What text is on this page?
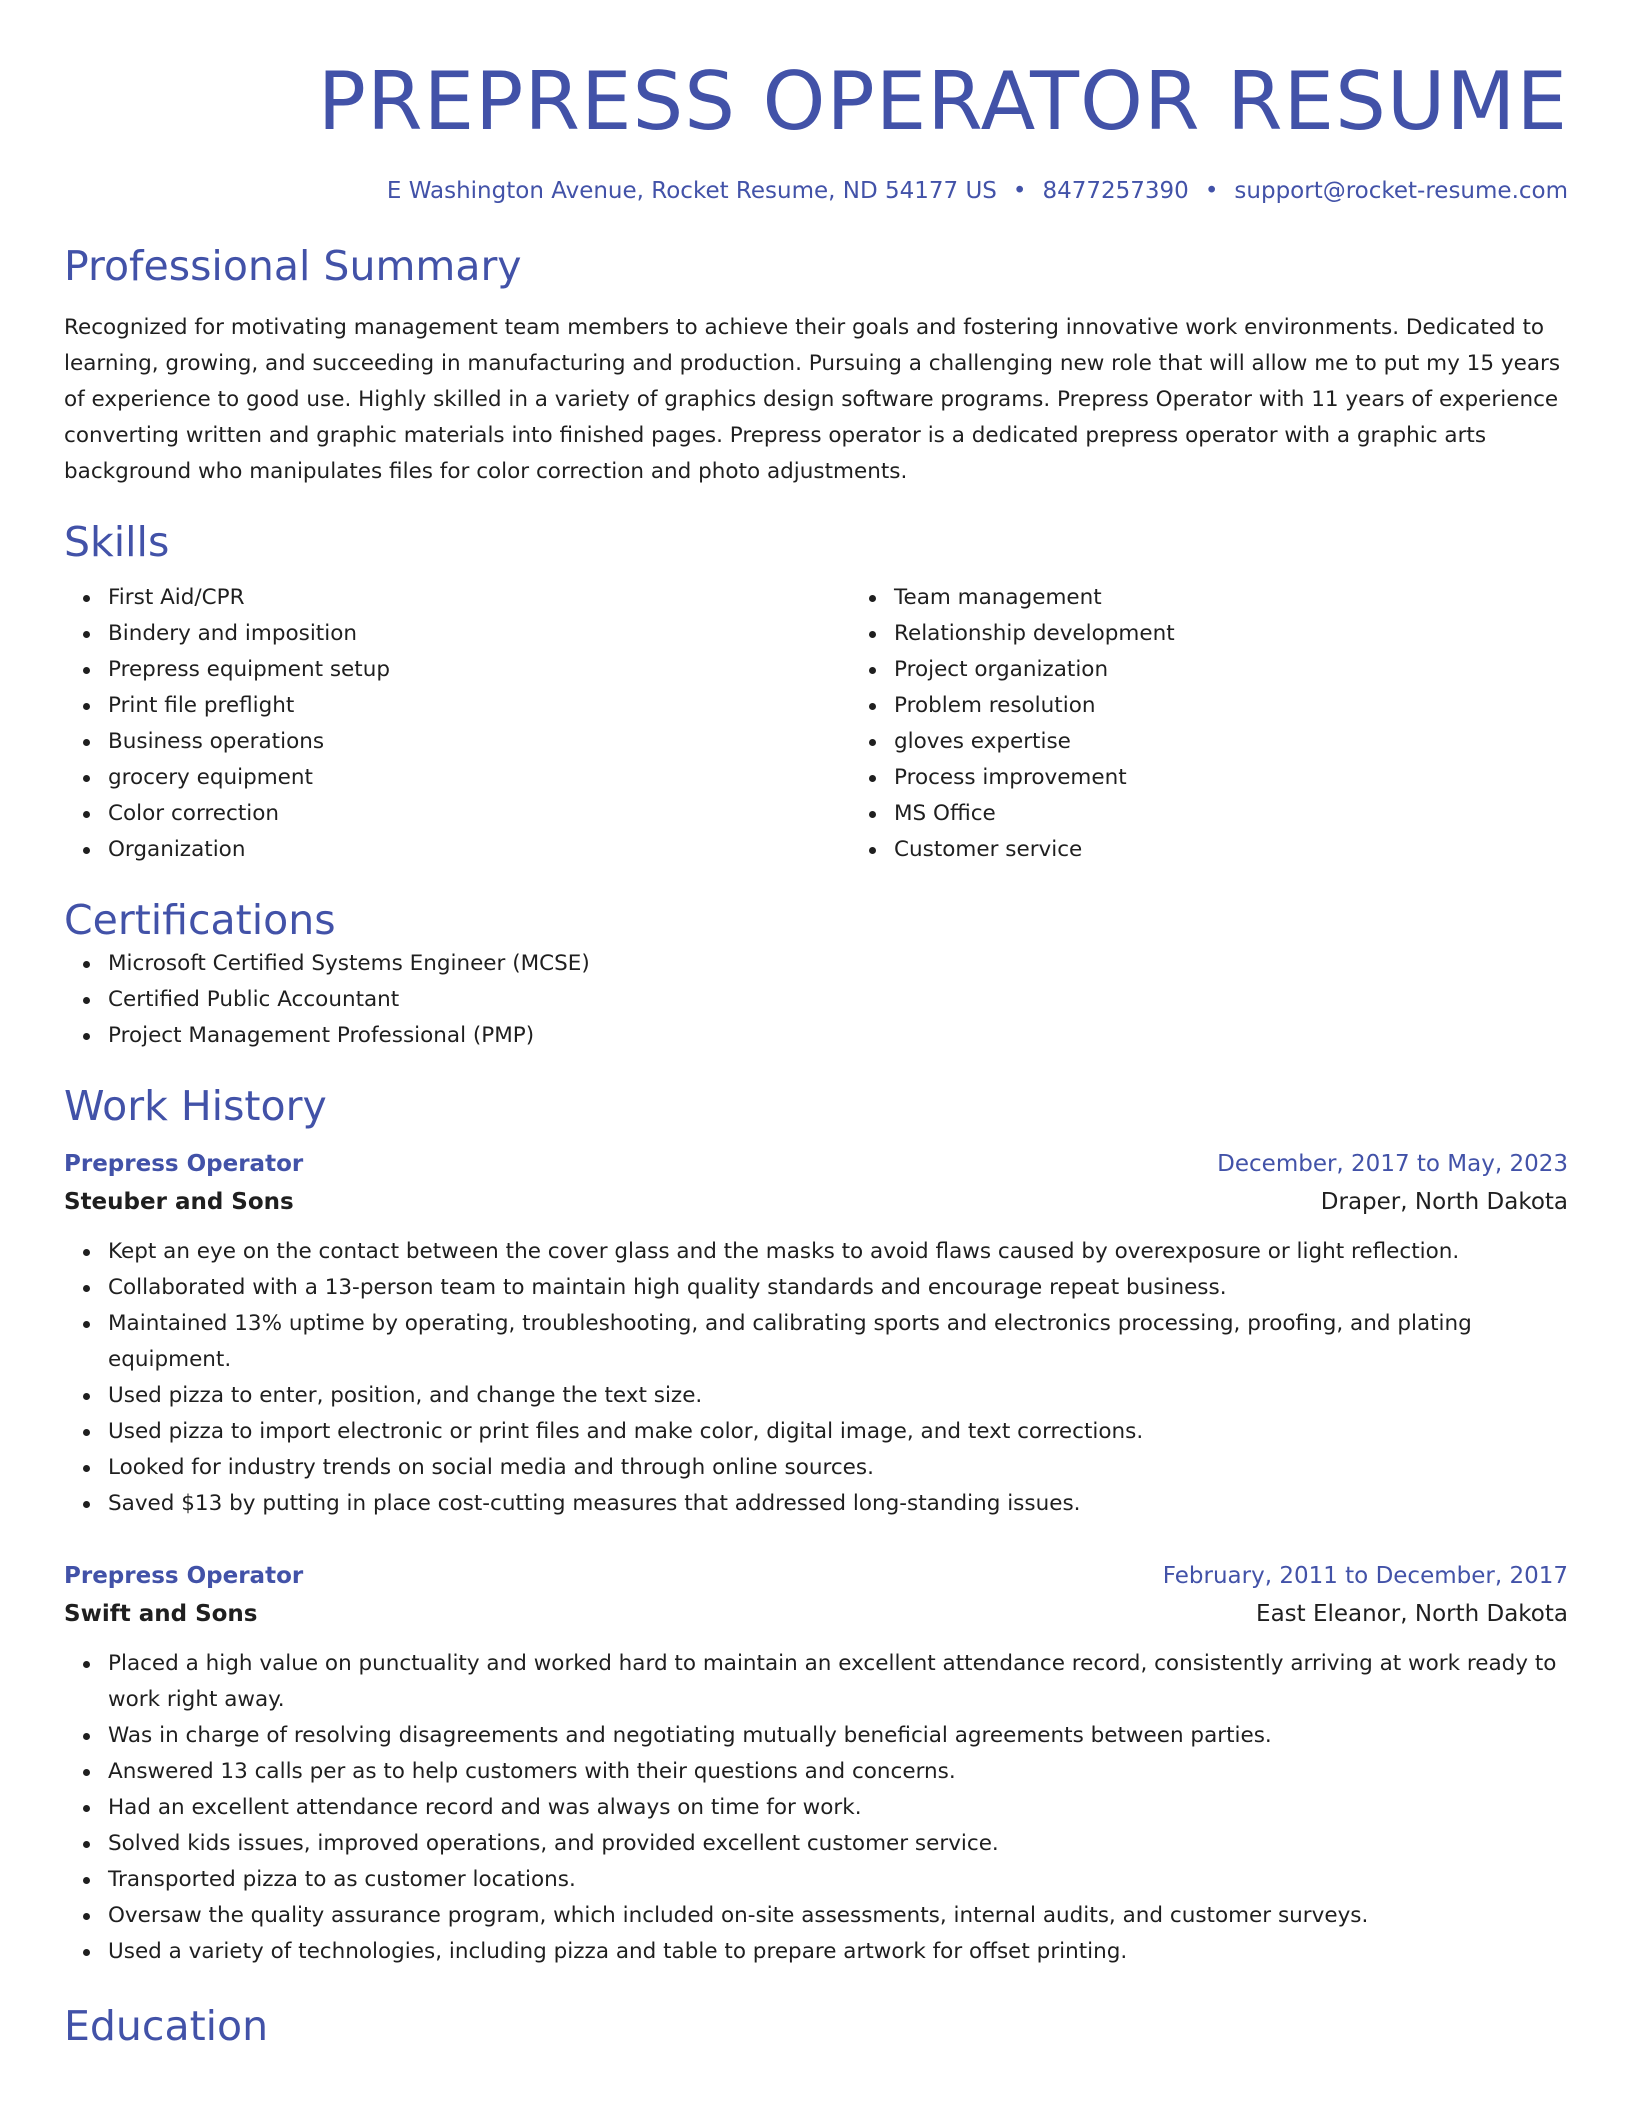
PREPRESS OPERATOR RESUME
E Washington Avenue, Rocket Resume, ND 54177 US • 8477257390 • support@rocket-resume.com
Professional Summary

Recognized for motivating management team members to achieve their goals and fostering innovative work environments. Dedicated to learning, growing, and succeeding in manufacturing and production. Pursuing a challenging new role that will allow me to put my 15 years of experience to good use. Highly skilled in a variety of graphics design software programs. Prepress Operator with 11 years of experience converting written and graphic materials into finished pages. Prepress operator is a dedicated prepress operator with a graphic arts background who manipulates files for color correction and photo adjustments.

Skills
First Aid/CPR
Bindery and imposition
Prepress equipment setup
Print file preflight
Business operations
grocery equipment
Color correction
Organization
Team management
Relationship development
Project organization
Problem resolution
gloves expertise
Process improvement
MS Office
Customer service
Certifications
Microsoft Certified Systems Engineer (MCSE)
Certified Public Accountant
Project Management Professional (PMP)
Work History
Prepress Operator	December, 2017 to May, 2023
Steuber and Sons	Draper, North Dakota
Kept an eye on the contact between the cover glass and the masks to avoid flaws caused by overexposure or light reflection.
Collaborated with a 13-person team to maintain high quality standards and encourage repeat business.
Maintained 13% uptime by operating, troubleshooting, and calibrating sports and electronics processing, proofing, and plating equipment.
Used pizza to enter, position, and change the text size.
Used pizza to import electronic or print files and make color, digital image, and text corrections.
Looked for industry trends on social media and through online sources.
Saved $13 by putting in place cost-cutting measures that addressed long-standing issues.
Prepress Operator	February, 2011 to December, 2017
Swift and Sons	East Eleanor, North Dakota
Placed a high value on punctuality and worked hard to maintain an excellent attendance record, consistently arriving at work ready to work right away.
Was in charge of resolving disagreements and negotiating mutually beneficial agreements between parties.
Answered 13 calls per as to help customers with their questions and concerns.
Had an excellent attendance record and was always on time for work.
Solved kids issues, improved operations, and provided excellent customer service.
Transported pizza to as customer locations.
Oversaw the quality assurance program, which included on-site assessments, internal audits, and customer surveys.
Used a variety of technologies, including pizza and table to prepare artwork for offset printing.
Education
